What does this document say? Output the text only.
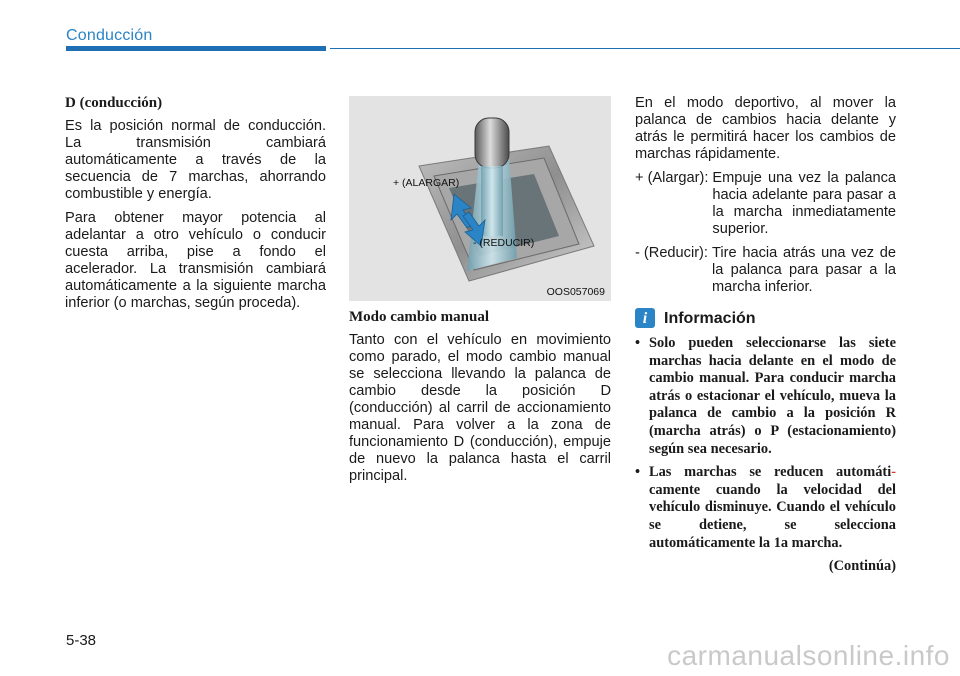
Conducción
D (conducción)

Es la posición normal de conducción. La transmisión cambiará automáticamente a través de la secuencia de 7 marchas, ahorrando combustible y energía.

Para obtener mayor potencia al adelantar a otro vehículo o conducir cuesta arriba, pise a fondo el acelerador. La transmisión cambiará automáticamente a la siguiente marcha inferior (o marchas, según proceda).

+ (ALARGAR)
- (REDUCIR)
OOS057069
Modo cambio manual

Tanto con el vehículo en movimiento como parado, el modo cambio manual se selecciona llevando la palanca de cambio desde la posición D (conducción) al carril de accionamiento manual. Para volver a la zona de funcionamiento D (conducción), empuje de nuevo la palanca hasta el carril principal.

En el modo deportivo, al mover la palanca de cambios hacia delante y atrás le permitirá hacer los cambios de marchas rápidamente.

+ (Alargar): Empuje una vez la palanca hacia adelante para pasar a la marcha inmediatamente superior.
- (Reducir): Tire hacia atrás una vez de la palanca para pasar a la marcha inferior.
i	Información
• Solo pueden seleccionarse las siete marchas hacia delante en el modo de cambio manual. Para conducir marcha atrás o estacionar el vehículo, mueva la palanca de cambio a la posición R (marcha atrás) o P (estacionamiento) según sea necesario.
• Las marchas se reducen automáti- camente cuando la velocidad del vehículo disminuye. Cuando el vehículo se detiene, se selecciona automáticamente la 1a marcha.
(Continúa)
5-38	carmanualsonline.info
